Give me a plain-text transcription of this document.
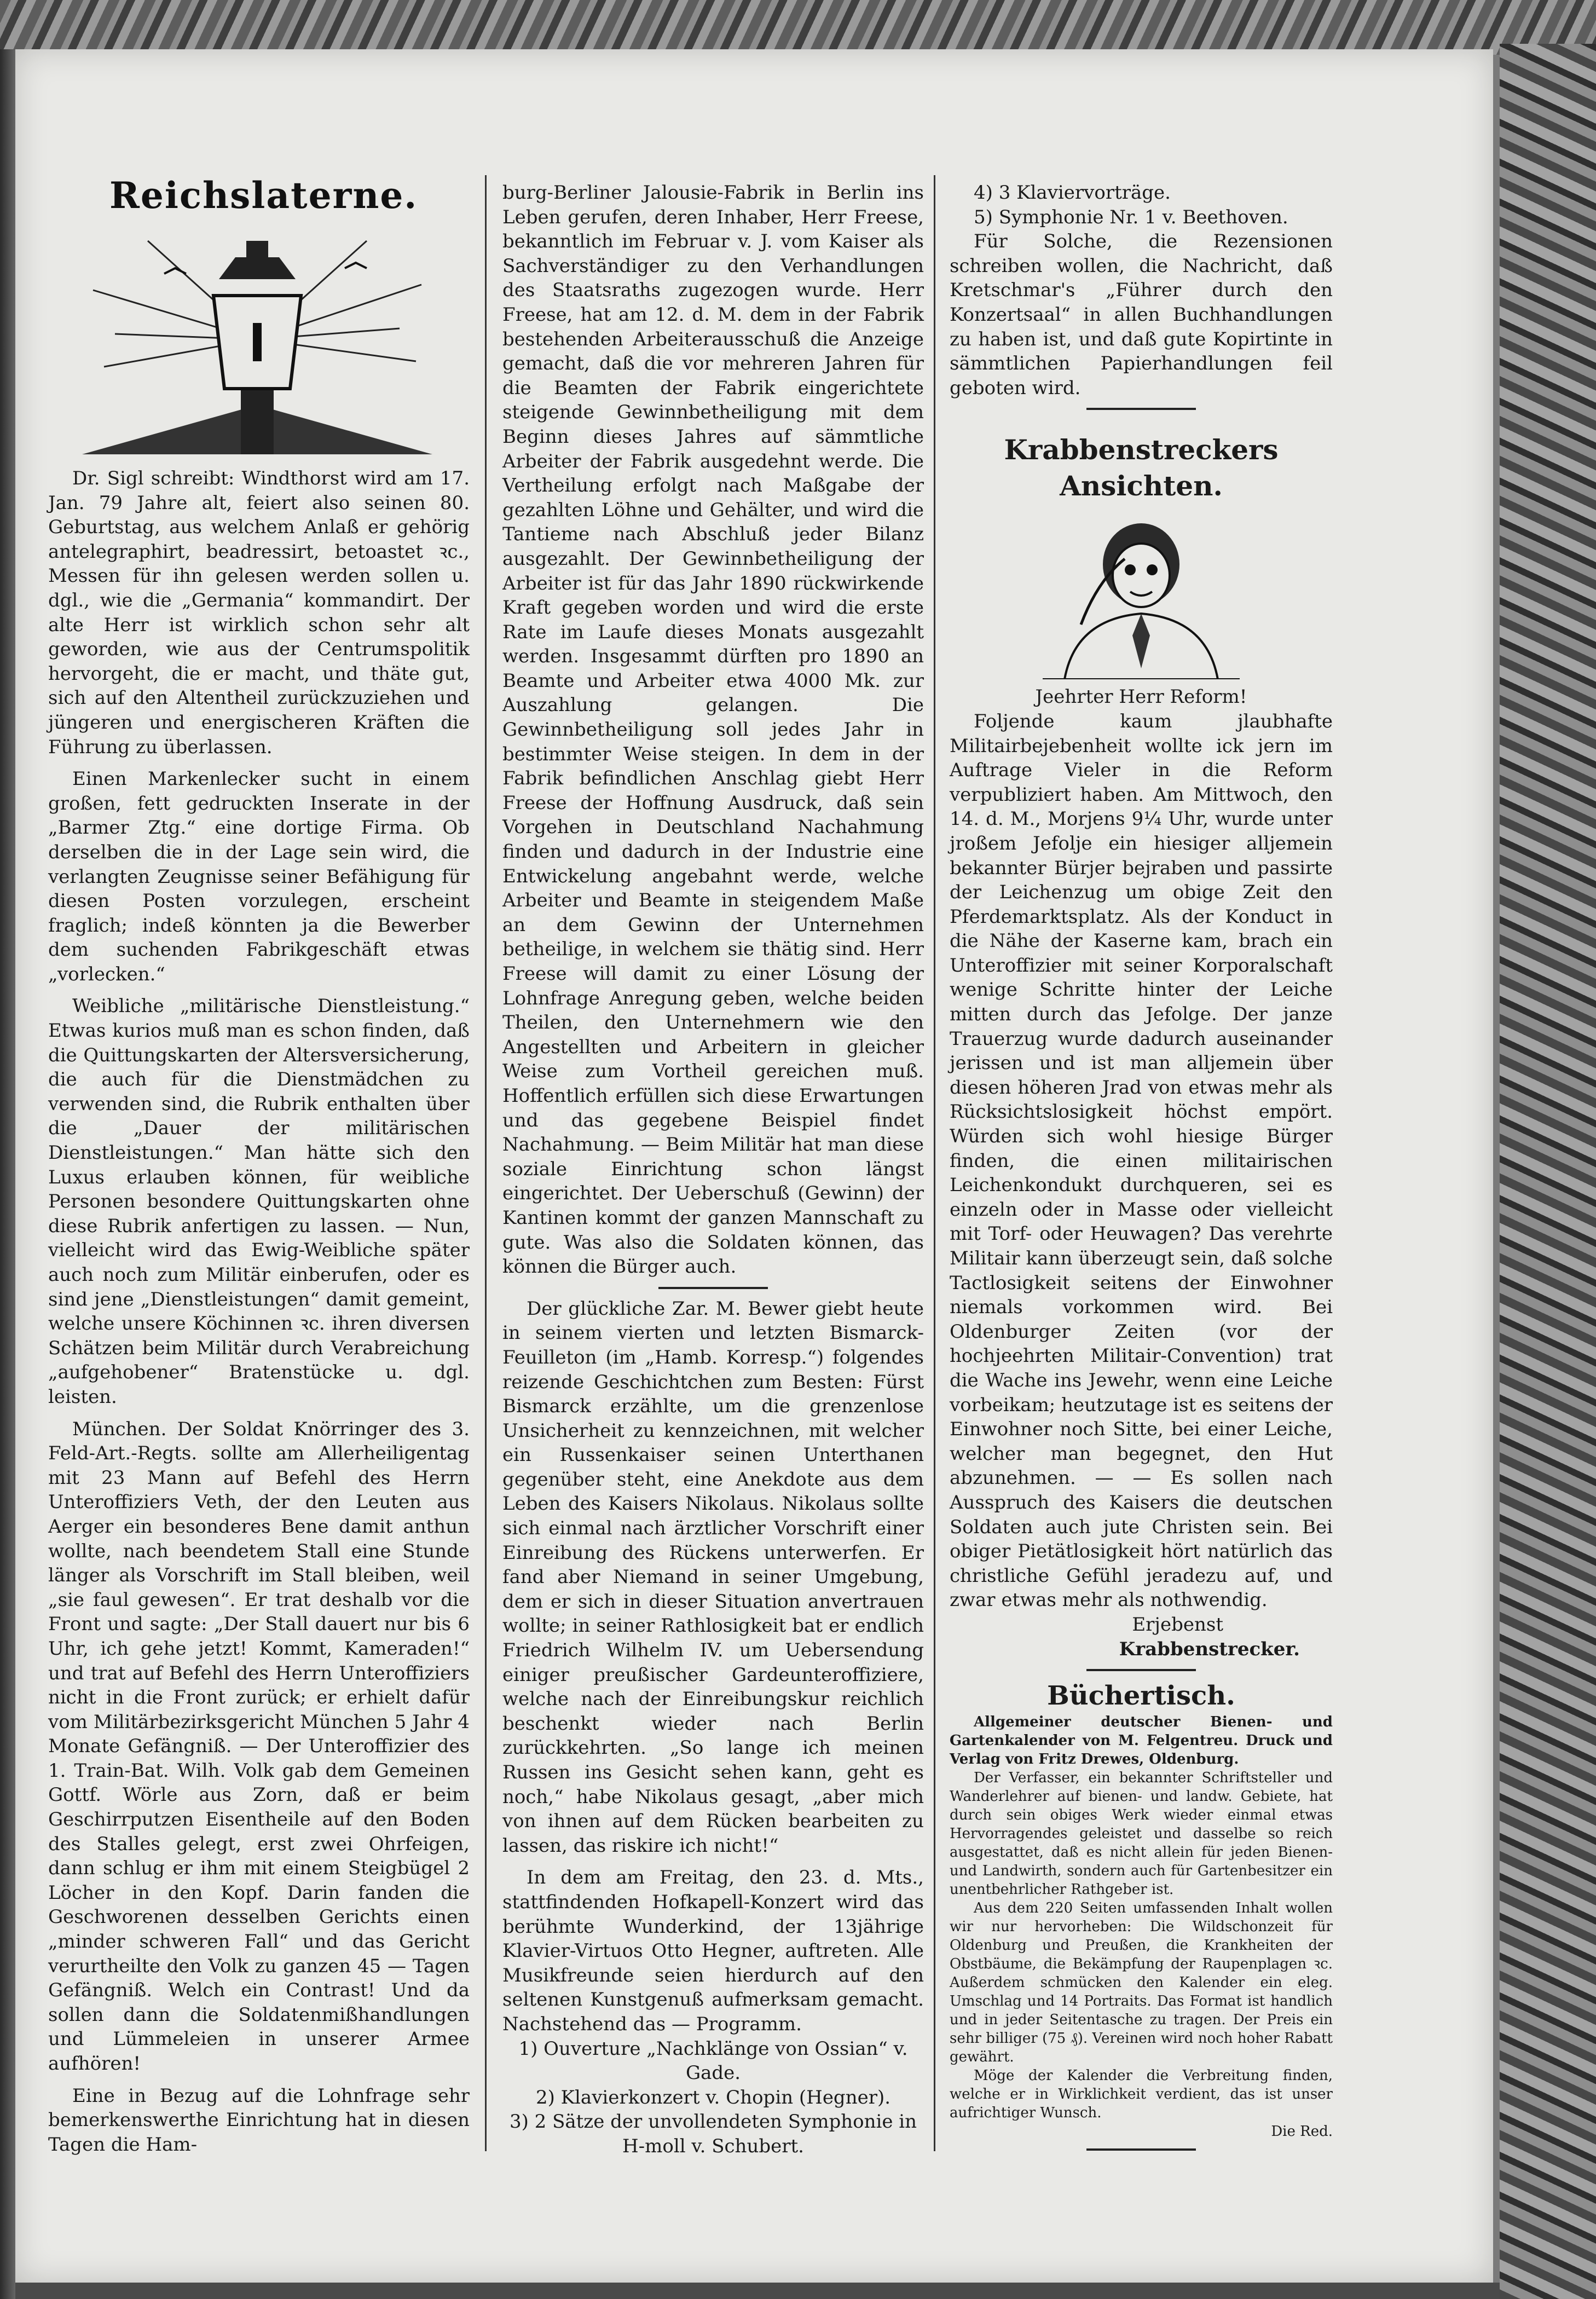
Reichslaterne.

Dr. Sigl schreibt: Windthorst wird am 17. Jan. 79 Jahre alt, feiert also seinen 80. Geburtstag, aus welchem Anlaß er gehörig antelegraphirt, beadressirt, betoastet ꝛc., Messen für ihn gelesen werden sollen u. dgl., wie die „Germania“ kommandirt. Der alte Herr ist wirklich schon sehr alt geworden, wie aus der Centrumspolitik hervorgeht, die er macht, und thäte gut, sich auf den Altentheil zurückzuziehen und jüngeren und energischeren Kräften die Führung zu überlassen.

Einen Markenlecker sucht in einem großen, fett gedruckten Inserate in der „Barmer Ztg.“ eine dortige Firma. Ob derselben die in der Lage sein wird, die verlangten Zeugnisse seiner Befähigung für diesen Posten vorzulegen, erscheint fraglich; indeß könnten ja die Bewerber dem suchenden Fabrikgeschäft etwas „vorlecken.“

Weibliche „militärische Dienstleistung.“ Etwas kurios muß man es schon finden, daß die Quittungskarten der Altersversicherung, die auch für die Dienstmädchen zu verwenden sind, die Rubrik enthalten über die „Dauer der militärischen Dienstleistungen.“ Man hätte sich den Luxus erlauben können, für weibliche Personen besondere Quittungskarten ohne diese Rubrik anfertigen zu lassen. — Nun, vielleicht wird das Ewig-Weibliche später auch noch zum Militär einberufen, oder es sind jene „Dienstleistungen“ damit gemeint, welche unsere Köchinnen ꝛc. ihren diversen Schätzen beim Militär durch Verabreichung „aufgehobener“ Bratenstücke u. dgl. leisten.

München. Der Soldat Knörringer des 3. Feld-Art.-Regts. sollte am Allerheiligentag mit 23 Mann auf Befehl des Herrn Unteroffiziers Veth, der den Leuten aus Aerger ein besonderes Bene damit anthun wollte, nach beendetem Stall eine Stunde länger als Vorschrift im Stall bleiben, weil „sie faul gewesen“. Er trat deshalb vor die Front und sagte: „Der Stall dauert nur bis 6 Uhr, ich gehe jetzt! Kommt, Kameraden!“ und trat auf Befehl des Herrn Unteroffiziers nicht in die Front zurück; er erhielt dafür vom Militärbezirksgericht München 5 Jahr 4 Monate Gefängniß. — Der Unteroffizier des 1. Train-Bat. Wilh. Volk gab dem Gemeinen Gottf. Wörle aus Zorn, daß er beim Geschirrputzen Eisentheile auf den Boden des Stalles gelegt, erst zwei Ohrfeigen, dann schlug er ihm mit einem Steigbügel 2 Löcher in den Kopf. Darin fanden die Geschworenen desselben Gerichts einen „minder schweren Fall“ und das Gericht verurtheilte den Volk zu ganzen 45 — Tagen Gefängniß. Welch ein Contrast! Und da sollen dann die Soldatenmißhandlungen und Lümmeleien in unserer Armee aufhören!

Eine in Bezug auf die Lohnfrage sehr bemerkenswerthe Einrichtung hat in diesen Tagen die Ham-

burg-Berliner Jalousie-Fabrik in Berlin ins Leben gerufen, deren Inhaber, Herr Freese, bekanntlich im Februar v. J. vom Kaiser als Sachverständiger zu den Verhandlungen des Staatsraths zugezogen wurde. Herr Freese, hat am 12. d. M. dem in der Fabrik bestehenden Arbeiterausschuß die Anzeige gemacht, daß die vor mehreren Jahren für die Beamten der Fabrik eingerichtete steigende Gewinnbetheiligung mit dem Beginn dieses Jahres auf sämmtliche Arbeiter der Fabrik ausgedehnt werde. Die Vertheilung erfolgt nach Maßgabe der gezahlten Löhne und Gehälter, und wird die Tantieme nach Abschluß jeder Bilanz ausgezahlt. Der Gewinnbetheiligung der Arbeiter ist für das Jahr 1890 rückwirkende Kraft gegeben worden und wird die erste Rate im Laufe dieses Monats ausgezahlt werden. Insgesammt dürften pro 1890 an Beamte und Arbeiter etwa 4000 Mk. zur Auszahlung gelangen. Die Gewinnbetheiligung soll jedes Jahr in bestimmter Weise steigen. In dem in der Fabrik befindlichen Anschlag giebt Herr Freese der Hoffnung Ausdruck, daß sein Vorgehen in Deutschland Nachahmung finden und dadurch in der Industrie eine Entwickelung angebahnt werde, welche Arbeiter und Beamte in steigendem Maße an dem Gewinn der Unternehmen betheilige, in welchem sie thätig sind. Herr Freese will damit zu einer Lösung der Lohnfrage Anregung geben, welche beiden Theilen, den Unternehmern wie den Angestellten und Arbeitern in gleicher Weise zum Vortheil gereichen muß. Hoffentlich erfüllen sich diese Erwartungen und das gegebene Beispiel findet Nachahmung. — Beim Militär hat man diese soziale Einrichtung schon längst eingerichtet. Der Ueberschuß (Gewinn) der Kantinen kommt der ganzen Mannschaft zu gute. Was also die Soldaten können, das können die Bürger auch.

Der glückliche Zar. M. Bewer giebt heute in seinem vierten und letzten Bismarck-Feuilleton (im „Hamb. Korresp.“) folgendes reizende Geschichtchen zum Besten: Fürst Bismarck erzählte, um die grenzenlose Unsicherheit zu kennzeichnen, mit welcher ein Russenkaiser seinen Unterthanen gegenüber steht, eine Anekdote aus dem Leben des Kaisers Nikolaus. Nikolaus sollte sich einmal nach ärztlicher Vorschrift einer Einreibung des Rückens unterwerfen. Er fand aber Niemand in seiner Umgebung, dem er sich in dieser Situation anvertrauen wollte; in seiner Rathlosigkeit bat er endlich Friedrich Wilhelm IV. um Uebersendung einiger preußischer Gardeunteroffiziere, welche nach der Einreibungskur reichlich beschenkt wieder nach Berlin zurückkehrten. „So lange ich meinen Russen ins Gesicht sehen kann, geht es noch,“ habe Nikolaus gesagt, „aber mich von ihnen auf dem Rücken bearbeiten zu lassen, das riskire ich nicht!“

In dem am Freitag, den 23. d. Mts., stattfindenden Hofkapell-Konzert wird das berühmte Wunderkind, der 13jährige Klavier-Virtuos Otto Hegner, auftreten. Alle Musikfreunde seien hierdurch auf den seltenen Kunstgenuß aufmerksam gemacht. Nachstehend das — Programm.

1) Ouverture „Nachklänge von Ossian“ v. Gade.

2) Klavierkonzert v. Chopin (Hegner).

3) 2 Sätze der unvollendeten Symphonie in H-moll v. Schubert.

4) 3 Klaviervorträge.

5) Symphonie Nr. 1 v. Beethoven.

Für Solche, die Rezensionen schreiben wollen, die Nachricht, daß Kretschmar's „Führer durch den Konzertsaal“ in allen Buchhandlungen zu haben ist, und daß gute Kopirtinte in sämmtlichen Papierhandlungen feil geboten wird.

Krabbenstreckers Ansichten.

Jeehrter Herr Reform!

Foljende kaum jlaubhafte Militairbejebenheit wollte ick jern im Auftrage Vieler in die Reform verpubliziert haben. Am Mittwoch, den 14. d. M., Morjens 9¼ Uhr, wurde unter jroßem Jefolje ein hiesiger alljemein bekannter Bürjer bejraben und passirte der Leichenzug um obige Zeit den Pferdemarktsplatz. Als der Konduct in die Nähe der Kaserne kam, brach ein Unteroffizier mit seiner Korporalschaft wenige Schritte hinter der Leiche mitten durch das Jefolge. Der janze Trauerzug wurde dadurch auseinander jerissen und ist man alljemein über diesen höheren Jrad von etwas mehr als Rücksichtslosigkeit höchst empört. Würden sich wohl hiesige Bürger finden, die einen militairischen Leichenkondukt durchqueren, sei es einzeln oder in Masse oder vielleicht mit Torf- oder Heuwagen? Das verehrte Militair kann überzeugt sein, daß solche Tactlosigkeit seitens der Einwohner niemals vorkommen wird. Bei Oldenburger Zeiten (vor der hochjeehrten Militair-Convention) trat die Wache ins Jewehr, wenn eine Leiche vorbeikam; heutzutage ist es seitens der Einwohner noch Sitte, bei einer Leiche, welcher man begegnet, den Hut abzunehmen. — — Es sollen nach Ausspruch des Kaisers die deutschen Soldaten auch jute Christen sein. Bei obiger Pietätlosigkeit hört natürlich das christliche Gefühl jeradezu auf, und zwar etwas mehr als nothwendig.

Erjebenst

Krabbenstrecker.

Büchertisch.

Allgemeiner deutscher Bienen- und Gartenkalender von M. Felgentreu. Druck und Verlag von Fritz Drewes, Oldenburg.

Der Verfasser, ein bekannter Schriftsteller und Wanderlehrer auf bienen- und landw. Gebiete, hat durch sein obiges Werk wieder einmal etwas Hervorragendes geleistet und dasselbe so reich ausgestattet, daß es nicht allein für jeden Bienen- und Landwirth, sondern auch für Gartenbesitzer ein unentbehrlicher Rathgeber ist.

Aus dem 220 Seiten umfassenden Inhalt wollen wir nur hervorheben: Die Wildschonzeit für Oldenburg und Preußen, die Krankheiten der Obstbäume, die Bekämpfung der Raupenplagen ꝛc. Außerdem schmücken den Kalender ein eleg. Umschlag und 14 Portraits. Das Format ist handlich und in jeder Seitentasche zu tragen. Der Preis ein sehr billiger (75 ₰). Vereinen wird noch hoher Rabatt gewährt.

Möge der Kalender die Verbreitung finden, welche er in Wirklichkeit verdient, das ist unser aufrichtiger Wunsch.

Die Red.
